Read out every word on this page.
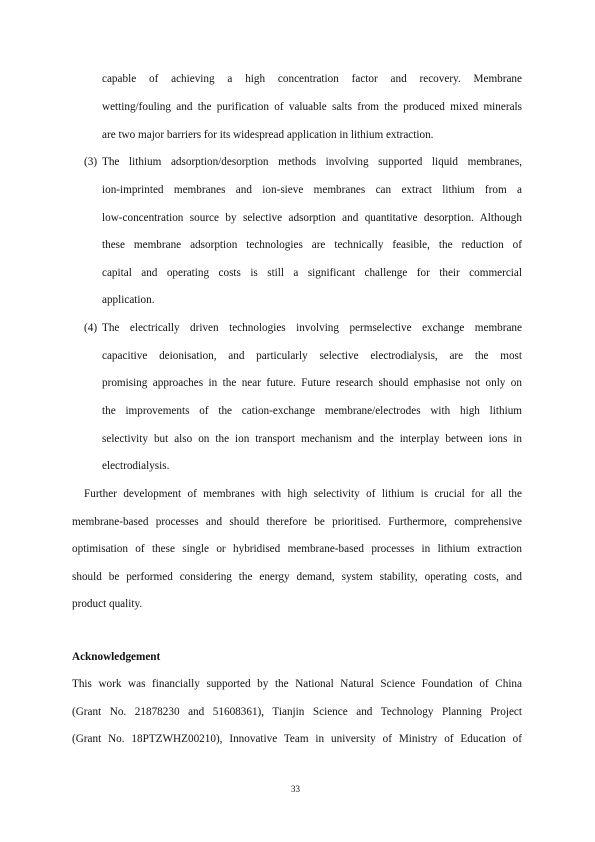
capable of achieving a high concentration factor and recovery. Membrane
wetting/fouling and the purification of valuable salts from the produced mixed minerals
are two major barriers for its widespread application in lithium extraction.
(3) The lithium adsorption/desorption methods involving supported liquid membranes,
ion-imprinted membranes and ion-sieve membranes can extract lithium from a
low-concentration source by selective adsorption and quantitative desorption. Although
these membrane adsorption technologies are technically feasible, the reduction of
capital and operating costs is still a significant challenge for their commercial
application.
(4) The electrically driven technologies involving permselective exchange membrane
capacitive deionisation, and particularly selective electrodialysis, are the most
promising approaches in the near future. Future research should emphasise not only on
the improvements of the cation-exchange membrane/electrodes with high lithium
selectivity but also on the ion transport mechanism and the interplay between ions in
electrodialysis.
Further development of membranes with high selectivity of lithium is crucial for all the
membrane-based processes and should therefore be prioritised. Furthermore, comprehensive
optimisation of these single or hybridised membrane-based processes in lithium extraction
should be performed considering the energy demand, system stability, operating costs, and
product quality.
Acknowledgement
This work was financially supported by the National Natural Science Foundation of China
(Grant No. 21878230 and 51608361), Tianjin Science and Technology Planning Project
(Grant No. 18PTZWHZ00210), Innovative Team in university of Ministry of Education of
33
